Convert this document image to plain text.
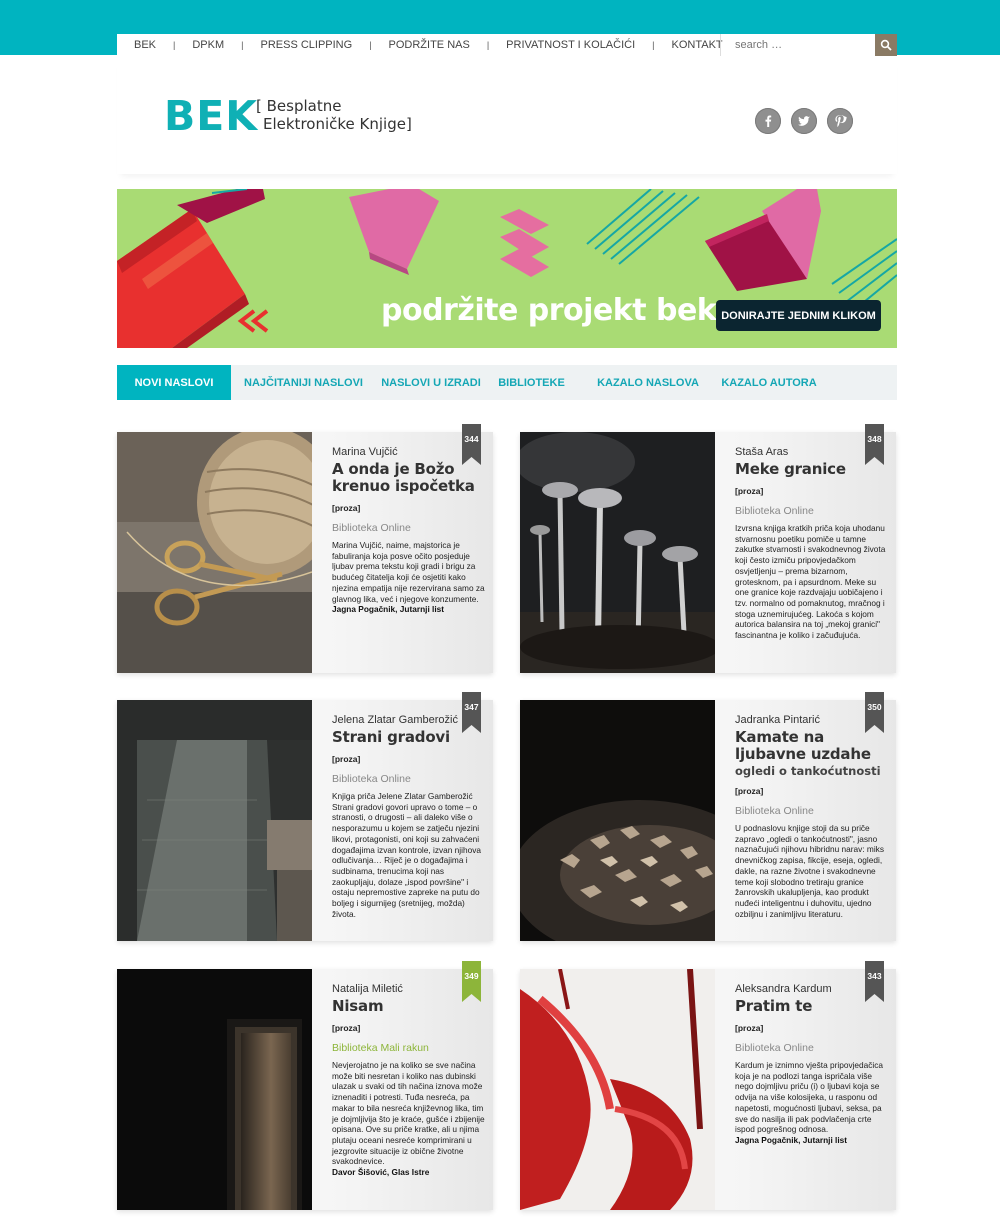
BEK | DPKM | PRESS CLIPPING | PODRŽITE NAS | PRIVATNOST I KOLAČIĆI | KONTAKT
search …
BEK
[ Besplatne
Elektroničke Knjige]
podržite projekt bek DONIRAJTE JEDNIM KLIKOM
NOVI NASLOVI	NAJČITANIJI NASLOVI	NASLOVI U IZRADI	BIBLIOTEKE	KAZALO NASLOVA	KAZALO AUTORA
344
Marina Vujčić
A onda je Božo krenuo ispočetka
[proza]
Biblioteka Online
Marina Vujčić, naime, majstorica je fabuliranja koja posve očito posjeduje ljubav prema tekstu koji gradi i brigu za budućeg čitatelja koji će osjetiti kako njezina empatija nije rezervirana samo za glavnog lika, već i njegove konzumente.
Jagna Pogačnik, Jutarnji list
348
Staša Aras
Meke granice
[proza]
Biblioteka Online
Izvrsna knjiga kratkih priča koja uhodanu stvarnosnu poetiku pomiče u tamne zakutke stvarnosti i svakodnevnog života koji često izmiču pripovjedačkom osvjetljenju – prema bizarnom, grotesknom, pa i apsurdnom. Meke su one granice koje razdvajaju uobičajeno i tzv. normalno od pomaknutog, mračnog i stoga uznemirujućeg. Lakoća s kojom autorica balansira na toj „mekoj granici" fascinantna je koliko i začuđujuća.
347
Jelena Zlatar Gamberožić
Strani gradovi
[proza]
Biblioteka Online
Knjiga priča Jelene Zlatar Gamberožić Strani gradovi govori upravo o tome – o stranosti, o drugosti – ali daleko više o nesporazumu u kojem se zatječu njezini likovi, protagonisti, oni koji su zahvaćeni događajima izvan kontrole, izvan njihova odlučivanja… Riječ je o događajima i sudbinama, trenucima koji nas zaokupljaju, dolaze „ispod površine" i ostaju nepremostive zapreke na putu do boljeg i sigurnijeg (sretnijeg, možda) života.
350
Jadranka Pintarić
Kamate na ljubavne uzdahe
ogledi o tankoćutnosti
[proza]
Biblioteka Online
U podnaslovu knjige stoji da su priče zapravo „ogledi o tankoćutnosti", jasno naznačujući njihovu hibridnu narav: miks dnevničkog zapisa, fikcije, eseja, ogledi, dakle, na razne životne i svakodnevne teme koji slobodno tretiraju granice žanrovskih ukalupljenja, kao produkt nuđeći inteligentnu i duhovitu, ujedno ozbiljnu i zanimljivu literaturu.
349
Natalija Miletić
Nisam
[proza]
Biblioteka Mali rakun
Nevjerojatno je na koliko se sve načina može biti nesretan i koliko nas dubinski ulazak u svaki od tih načina iznova može iznenaditi i potresti. Tuđa nesreća, pa makar to bila nesreća književnog lika, tim je dojmljivija što je kraće, gušće i zbijenije opisana. Ove su priče kratke, ali u njima plutaju oceani nesreće komprimirani u jezgrovite situacije iz obične životne svakodnevice.
Davor Šišović, Glas Istre
343
Aleksandra Kardum
Pratim te
[proza]
Biblioteka Online
Kardum je iznimno vješta pripovjedačica koja je na podlozi tanga ispričala više nego dojmljivu priču (i) o ljubavi koja se odvija na više kolosijeka, u rasponu od napetosti, mogućnosti ljubavi, seksa, pa sve do nasilja ili pak podvlačenja crte ispod pogrešnog odnosa.
Jagna Pogačnik, Jutarnji list
